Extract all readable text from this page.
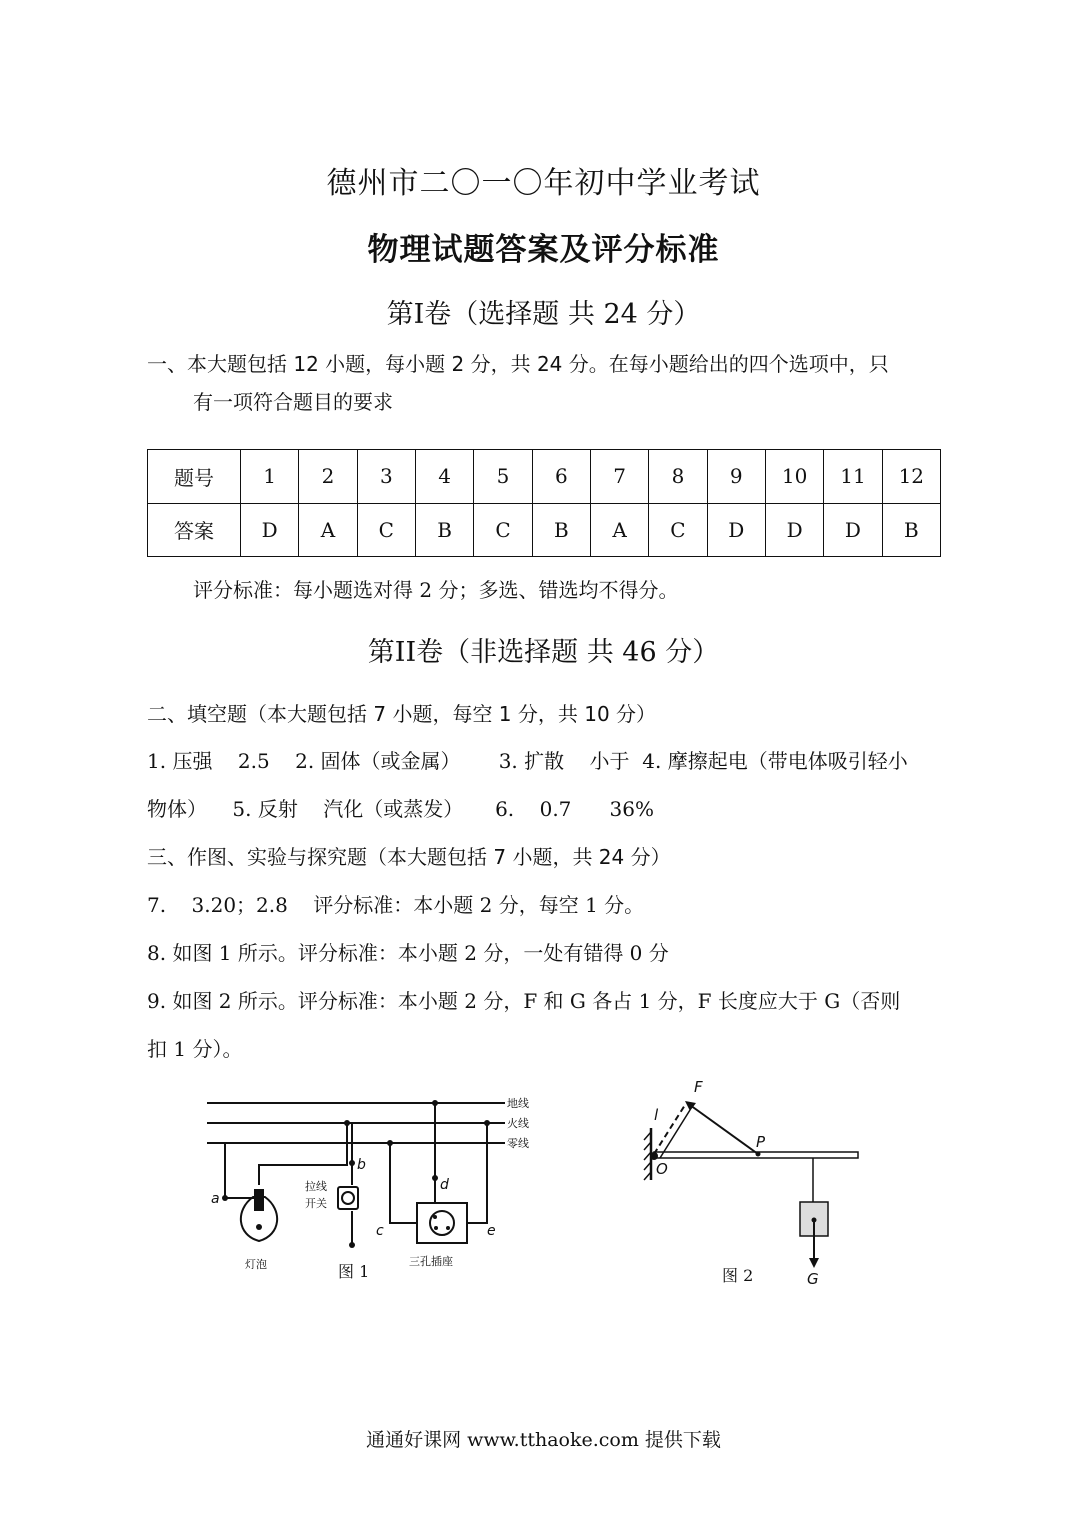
德州市二〇一〇年初中学业考试
物理试题答案及评分标准
第I卷（选择题 共 24 分）
一、本大题包括 12 小题，每小题 2 分，共 24 分。在每小题给出的四个选项中，只
有一项符合题目的要求
题号	1	2	3	4	5	6	7	8	9	10	11	12
答案	D	A	C	B	C	B	A	C	D	D	D	B
评分标准：每小题选对得 2 分；多选、错选均不得分。
第II卷（非选择题 共 46 分）
二、填空题（本大题包括 7 小题，每空 1 分，共 10 分）
1. 压强    2.5    2. 固体（或金属）      3. 扩散    小于  4. 摩擦起电（带电体吸引轻小
物体）    5. 反射    汽化（或蒸发）     6.    0.7      36%
三、作图、实验与探究题（本大题包括 7 小题，共 24 分）
7.    3.20；2.8    评分标准：本小题 2 分，每空 1 分。
8. 如图 1 所示。评分标准：本小题 2 分，一处有错得 0 分
9. 如图 2 所示。评分标准：本小题 2 分，F 和 G 各占 1 分，F 长度应大于 G（否则
扣 1 分）。
地线
火线
零线
拉线
开关
灯泡	三孔插座
a
b
c
d
e
图 1
F
l
P
O
G
图 2
通通好课网 www.tthaoke.com 提供下载
